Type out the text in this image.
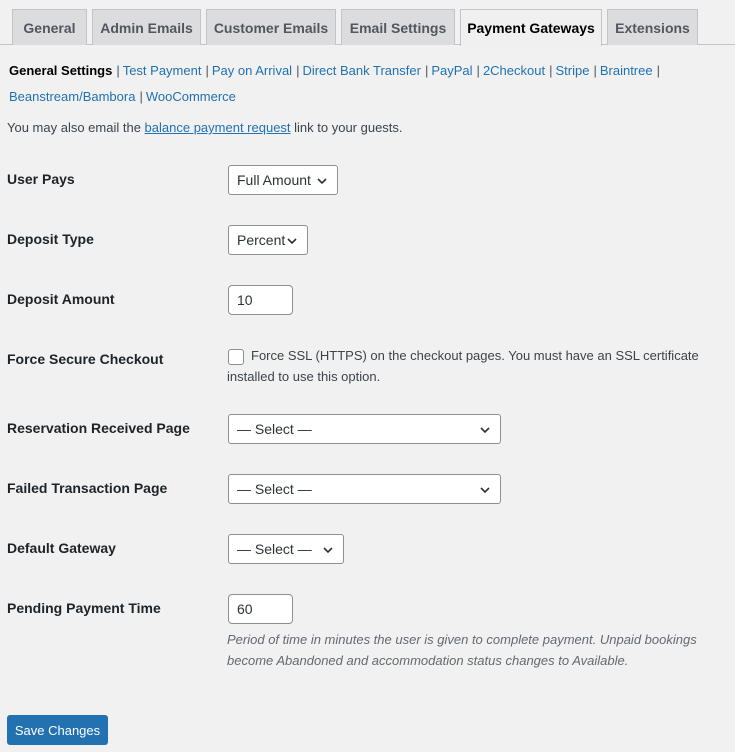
General	Admin Emails	Customer Emails	Email Settings	Payment Gateways	Extensions
General Settings | Test Payment | Pay on Arrival | Direct Bank Transfer | PayPal | 2Checkout | Stripe | Braintree |
Beanstream/Bambora | WooCommerce
You may also email the balance payment request link to your guests.
User Pays	Full Amount
Deposit Type	Percent
Deposit Amount	10
Force Secure Checkout	Force SSL (HTTPS) on the checkout pages. You must have an SSL certificate installed to use this option.
Reservation Received Page	— Select —
Failed Transaction Page	— Select —
Default Gateway	— Select —
Pending Payment Time	60
Period of time in minutes the user is given to complete payment. Unpaid bookings become Abandoned and accommodation status changes to Available.
Save Changes
